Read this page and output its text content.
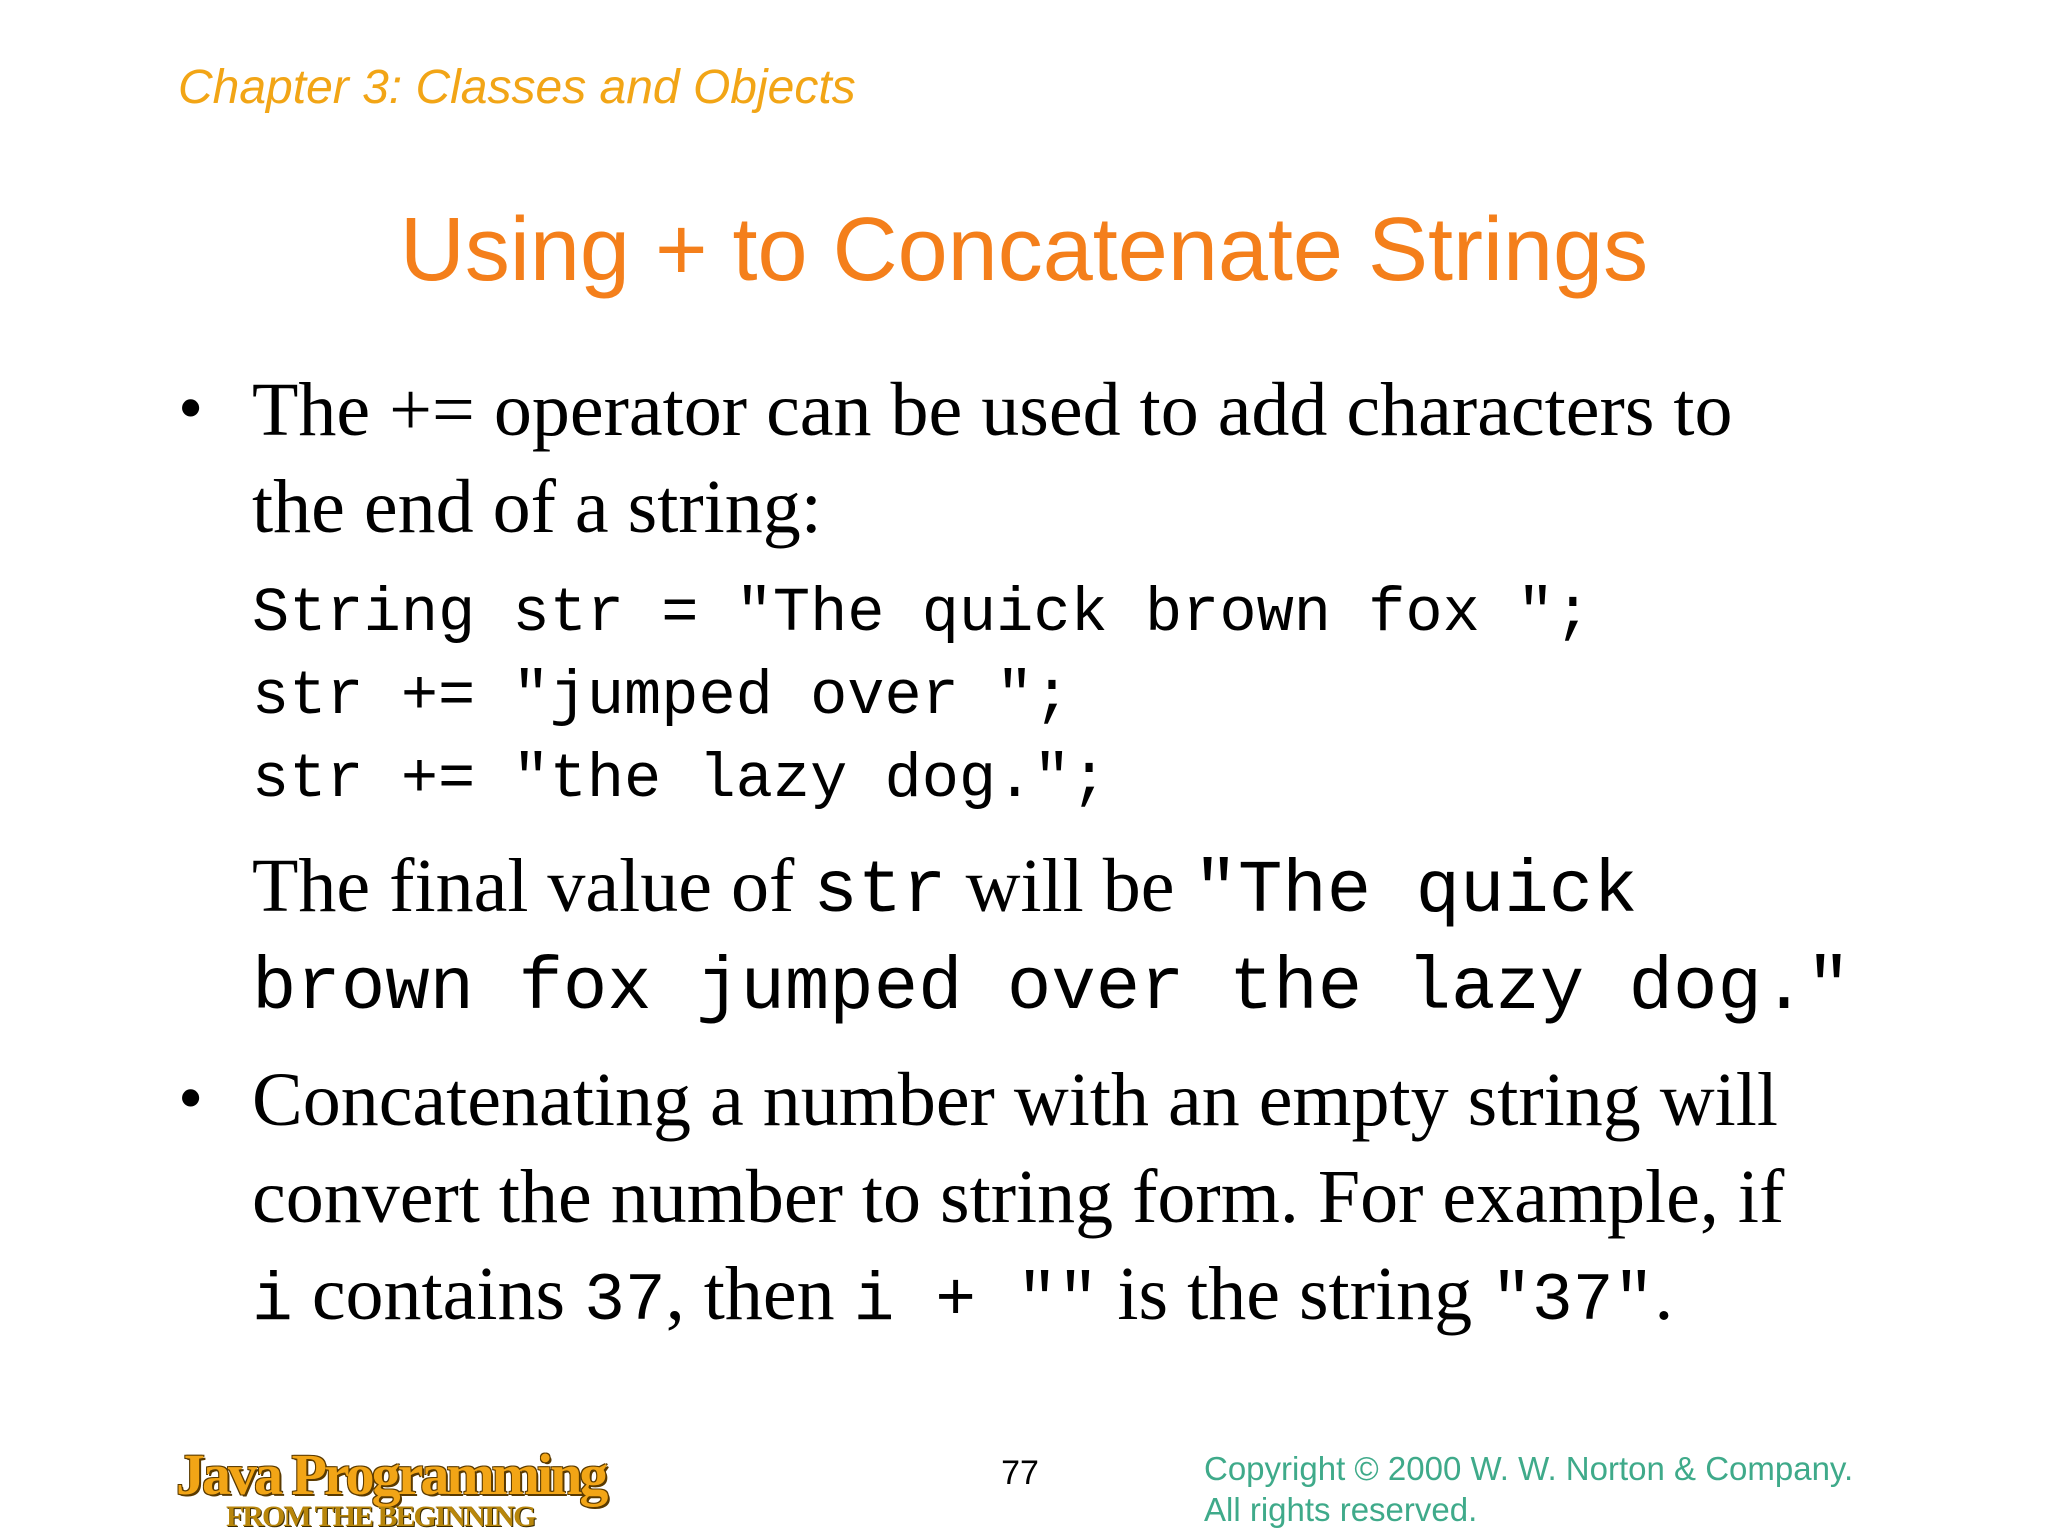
Chapter 3: Classes and Objects
Using + to Concatenate Strings
• The += operator can be used to add characters to
the end of a string:
String str = "The quick brown fox ";
str += "jumped over ";
str += "the lazy dog.";
The final value of str will be "The quick
brown fox jumped over the lazy dog."
• Concatenating a number with an empty string will
convert the number to string form. For example, if
i contains 37, then i + "" is the string "37".
Java Programming
FROM THE BEGINNING
77	Copyright © 2000 W. W. Norton & Company.
All rights reserved.
